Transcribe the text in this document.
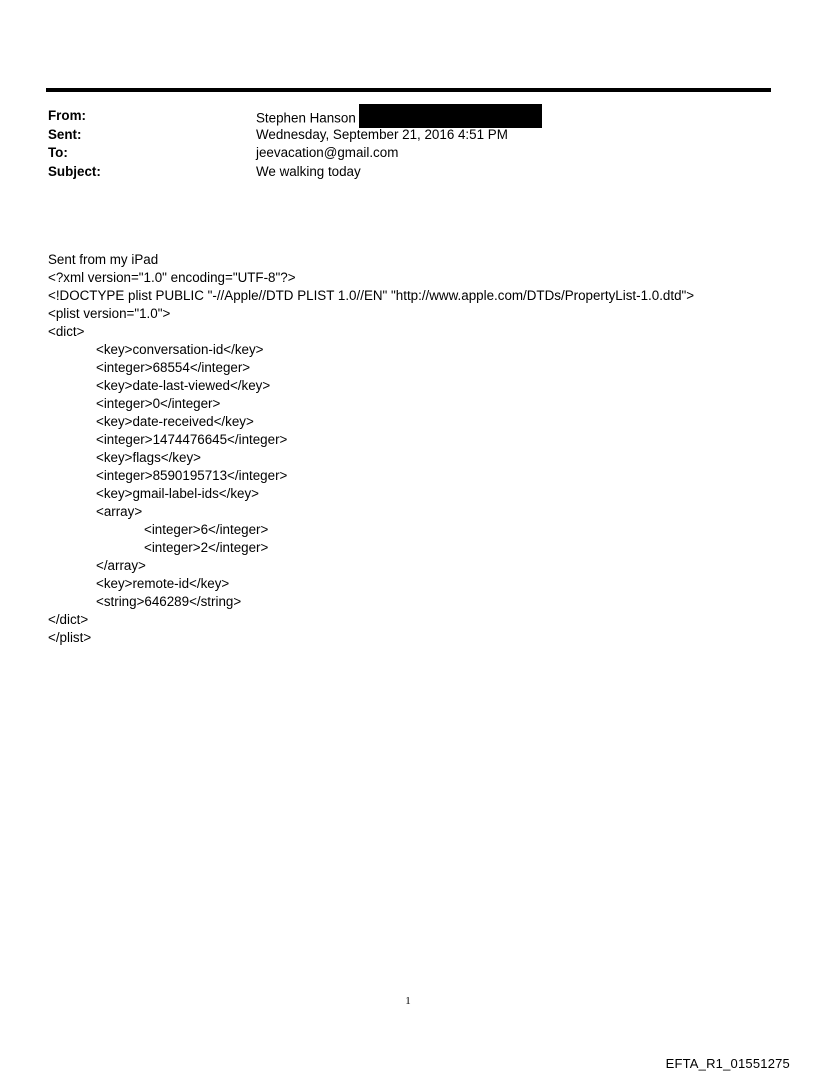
From:	Stephen Hanson
Sent:	Wednesday, September 21, 2016 4:51 PM
To:	jeevacation@gmail.com
Subject:	We walking today
Sent from my iPad
<?xml version="1.0" encoding="UTF-8"?>
<!DOCTYPE plist PUBLIC "-//Apple//DTD PLIST 1.0//EN" "http://www.apple.com/DTDs/PropertyList-1.0.dtd">
<plist version="1.0">
<dict>
<key>conversation-id</key>
<integer>68554</integer>
<key>date-last-viewed</key>
<integer>0</integer>
<key>date-received</key>
<integer>1474476645</integer>
<key>flags</key>
<integer>8590195713</integer>
<key>gmail-label-ids</key>
<array>
<integer>6</integer>
<integer>2</integer>
</array>
<key>remote-id</key>
<string>646289</string>
</dict>
</plist>
1
EFTA_R1_01551275
